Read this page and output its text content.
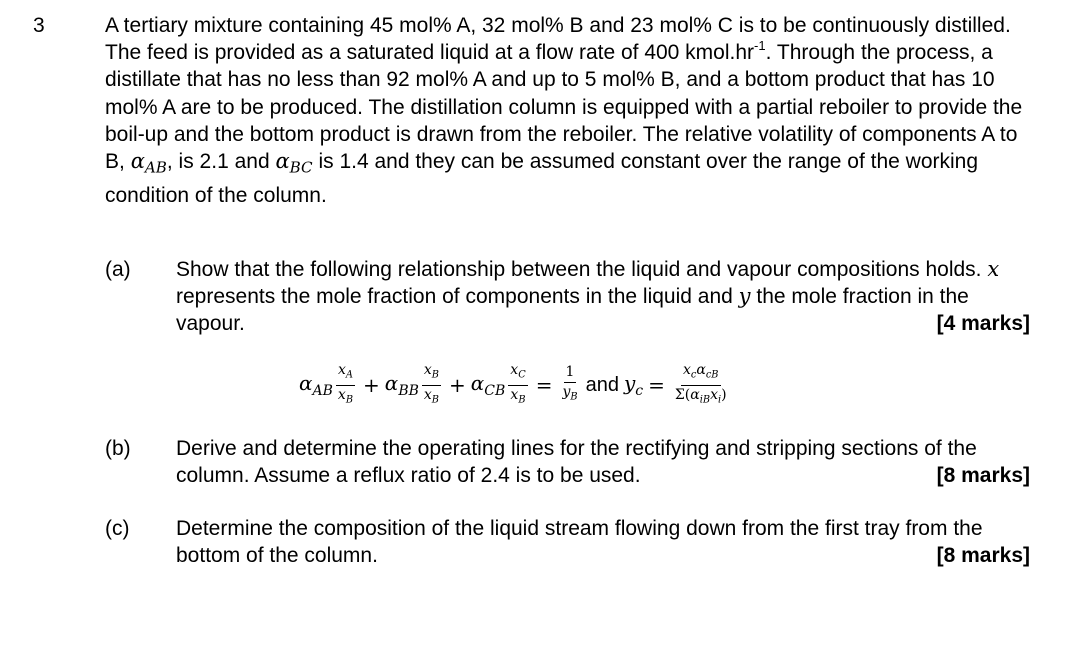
3	A tertiary mixture containing 45 mol% A, 32 mol% B and 23 mol% C is to be continuously distilled. The feed is provided as a saturated liquid at a flow rate of 400 $kmol.hr^{-1}$. Through the process, a distillate that has no less than 92 mol% A and up to 5 mol% B, and a bottom product that has 10 mol% A are to be produced. The distillation column is equipped with a partial reboiler to provide the boil-up and the bottom product is drawn from the reboiler. The relative volatility of components A to B, $\alpha_{AB}$, is 2.1 and $\alpha_{BC}$ is 1.4 and they can be assumed constant over the range of the working condition of the column.
(a) Show that the following relationship between the liquid and vapour compositions holds. x represents the mole fraction of components in the liquid and y the mole fraction in the vapour.	[4 marks]
$\alpha_{AB} \frac{x_A}{x_B} + \alpha_{BB} \frac{x_B}{x_B} + \alpha_{CB} \frac{x_C}{x_B} = \frac{1}{y_B}$ and $y_c = \frac{x_c\alpha_{cB}}{\Sigma(\alpha_{iB}x_i)}$
(b) Derive and determine the operating lines for the rectifying and stripping sections of the column. Assume a reflux ratio of 2.4 is to be used.	[8 marks]
(c) Determine the composition of the liquid stream flowing down from the first tray from the bottom of the column.	[8 marks]
